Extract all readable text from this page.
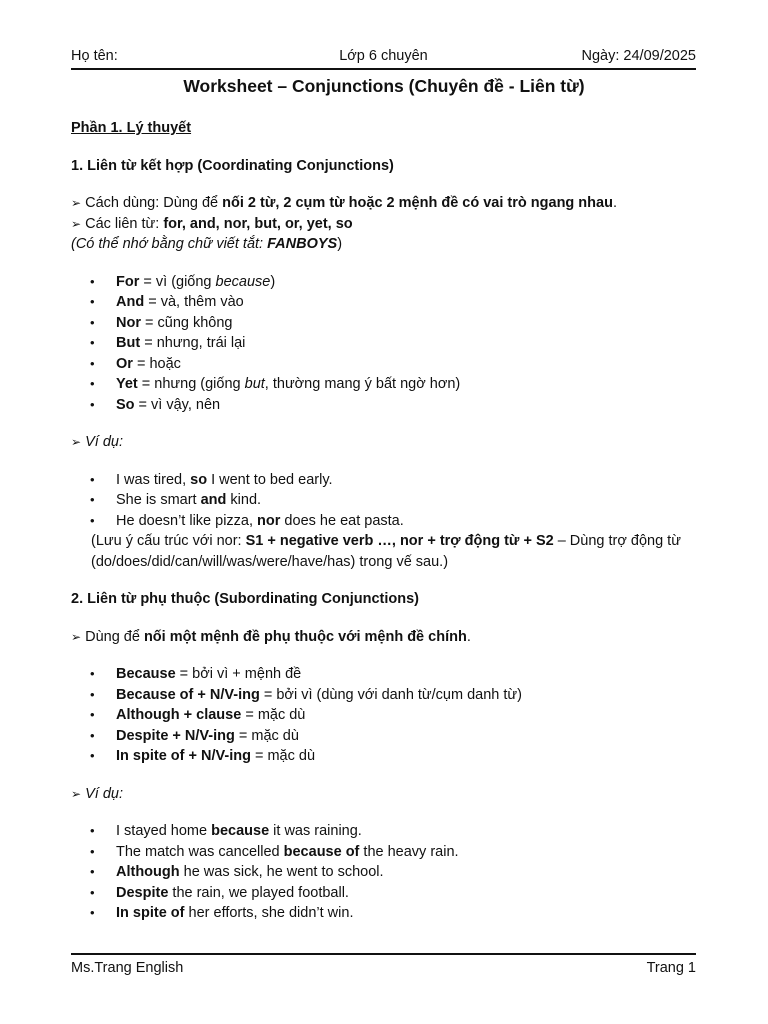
Họ tên:	Lớp 6 chuyên	Ngày: 24/09/2025
Worksheet – Conjunctions (Chuyên đề - Liên từ)

Phần 1. Lý thuyết

1. Liên từ kết hợp (Coordinating Conjunctions)

➢ Cách dùng: Dùng để nối 2 từ, 2 cụm từ hoặc 2 mệnh đề có vai trò ngang nhau.

➢ Các liên từ: for, and, nor, but, or, yet, so

(Có thể nhớ bằng chữ viết tắt: FANBOYS)

• For = vì (giống because)
• And = và, thêm vào
• Nor = cũng không
• But = nhưng, trái lại
• Or = hoặc
• Yet = nhưng (giống but, thường mang ý bất ngờ hơn)
• So = vì vậy, nên

➢ Ví dụ:

• I was tired, so I went to bed early.
• She is smart and kind.
• He doesn’t like pizza, nor does he eat pasta.

(Lưu ý cấu trúc với nor: S1 + negative verb …, nor + trợ động từ + S2 – Dùng trợ động từ

(do/does/did/can/will/was/were/have/has) trong vế sau.)

2. Liên từ phụ thuộc (Subordinating Conjunctions)

➢ Dùng để nối một mệnh đề phụ thuộc với mệnh đề chính.

• Because = bởi vì + mệnh đề
• Because of + N/V-ing = bởi vì (dùng với danh từ/cụm danh từ)
• Although + clause = mặc dù
• Despite + N/V-ing = mặc dù
• In spite of + N/V-ing = mặc dù

➢ Ví dụ:

• I stayed home because it was raining.
• The match was cancelled because of the heavy rain.
• Although he was sick, he went to school.
• Despite the rain, we played football.
• In spite of her efforts, she didn’t win.
Ms.Trang English	Trang 1
